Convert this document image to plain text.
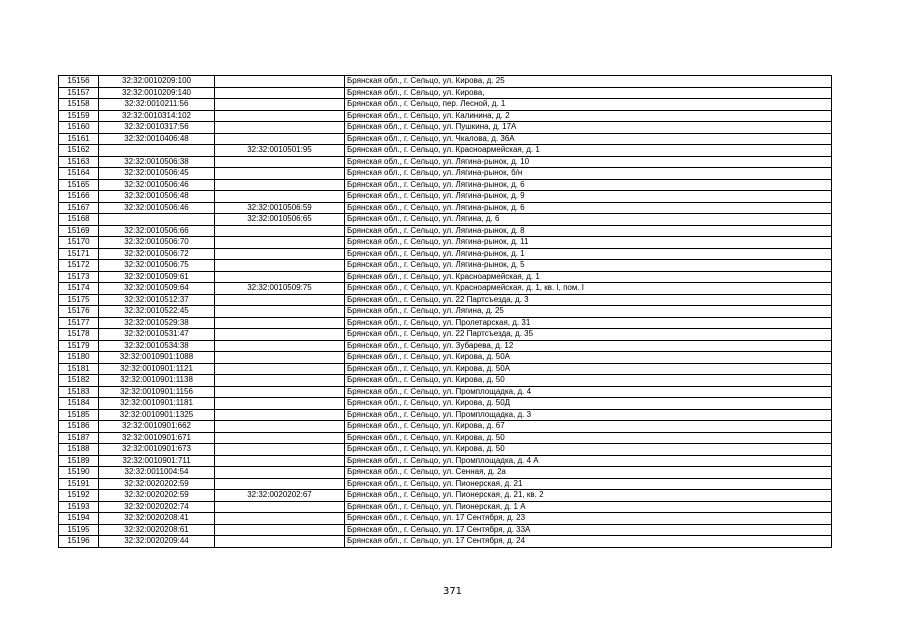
15156	32:32:0010209:100		Брянская обл., г. Сельцо, ул. Кирова, д. 25
15157	32:32:0010209:140		Брянская обл., г. Сельцо, ул. Кирова,
15158	32:32:0010211:56		Брянская обл., г. Сельцо, пер. Лесной, д. 1
15159	32:32:0010314:102		Брянская обл., г. Сельцо, ул. Калинина, д. 2
15160	32:32:0010317:56		Брянская обл., г. Сельцо, ул. Пушкина, д. 17А
15161	32:32:0010406:48		Брянская обл., г. Сельцо, ул. Чкалова, д. 36А
15162		32:32:0010501:95	Брянская обл., г. Сельцо, ул. Красноармейская, д. 1
15163	32:32:0010506:38		Брянская обл., г. Сельцо, ул. Лягина-рынок, д. 10
15164	32:32:0010506:45		Брянская обл., г. Сельцо, ул. Лягина-рынок, б/н
15165	32:32:0010506:46		Брянская обл., г. Сельцо, ул. Лягина-рынок, д. 6
15166	32:32:0010506:48		Брянская обл., г. Сельцо, ул. Лягина-рынок, д. 9
15167	32:32:0010506:46	32:32:0010506:59	Брянская обл., г. Сельцо, ул. Лягина-рынок, д. 6
15168		32:32:0010506:65	Брянская обл., г. Сельцо, ул. Лягина, д. 6
15169	32:32:0010506:66		Брянская обл., г. Сельцо, ул. Лягина-рынок, д. 8
15170	32:32:0010506:70		Брянская обл., г. Сельцо, ул. Лягина-рынок, д. 11
15171	32:32:0010506:72		Брянская обл., г. Сельцо, ул. Лягина-рынок, д. 1
15172	32:32:0010506:75		Брянская обл., г. Сельцо, ул. Лягина-рынок, д. 5
15173	32:32:0010509:61		Брянская обл., г. Сельцо, ул. Красноармейская, д. 1
15174	32:32:0010509:64	32:32:0010509:75	Брянская обл., г. Сельцо, ул. Красноармейская, д. 1, кв. I, пом. I
15175	32:32:0010512:37		Брянская обл., г. Сельцо, ул. 22 Партсъезда, д. 3
15176	32:32:0010522:45		Брянская обл., г. Сельцо, ул. Лягина, д. 25
15177	32:32:0010529:38		Брянская обл., г. Сельцо, ул. Пролетарская, д. 31
15178	32:32:0010531:47		Брянская обл., г. Сельцо, ул. 22 Партсъезда, д. 35
15179	32:32:0010534:38		Брянская обл., г. Сельцо, ул. Зубарева, д. 12
15180	32:32:0010901:1088		Брянская обл., г. Сельцо, ул. Кирова, д. 50А
15181	32:32:0010901:1121		Брянская обл., г. Сельцо, ул. Кирова, д. 50А
15182	32:32:0010901:1138		Брянская обл., г. Сельцо, ул. Кирова, д. 50
15183	32:32:0010901:1156		Брянская обл., г. Сельцо, ул. Промплощадка, д. 4
15184	32:32:0010901:1181		Брянская обл., г. Сельцо, ул. Кирова, д. 50Д
15185	32:32:0010901:1325		Брянская обл., г. Сельцо, ул. Промплощадка, д. 3
15186	32:32:0010901:662		Брянская обл., г. Сельцо, ул. Кирова, д. 67
15187	32:32:0010901:671		Брянская обл., г. Сельцо, ул. Кирова, д. 50
15188	32:32:0010901:673		Брянская обл., г. Сельцо, ул. Кирова, д. 50
15189	32:32:0010901:711		Брянская обл., г. Сельцо, ул. Промплощадка, д. 4 А
15190	32:32:0011004:54		Брянская обл., г. Сельцо, ул. Сенная, д. 2а
15191	32:32:0020202:59		Брянская обл., г. Сельцо, ул. Пионерская, д. 21
15192	32:32:0020202:59	32:32:0020202:67	Брянская обл., г. Сельцо, ул. Пионерская, д. 21, кв. 2
15193	32:32:0020202:74		Брянская обл., г. Сельцо, ул. Пионерская, д. 1 А
15194	32:32:0020208:41		Брянская обл., г. Сельцо, ул. 17 Сентября, д. 23
15195	32:32:0020208:61		Брянская обл., г. Сельцо, ул. 17 Сентября, д. 33А
15196	32:32:0020209:44		Брянская обл., г. Сельцо, ул. 17 Сентября, д. 24
371
